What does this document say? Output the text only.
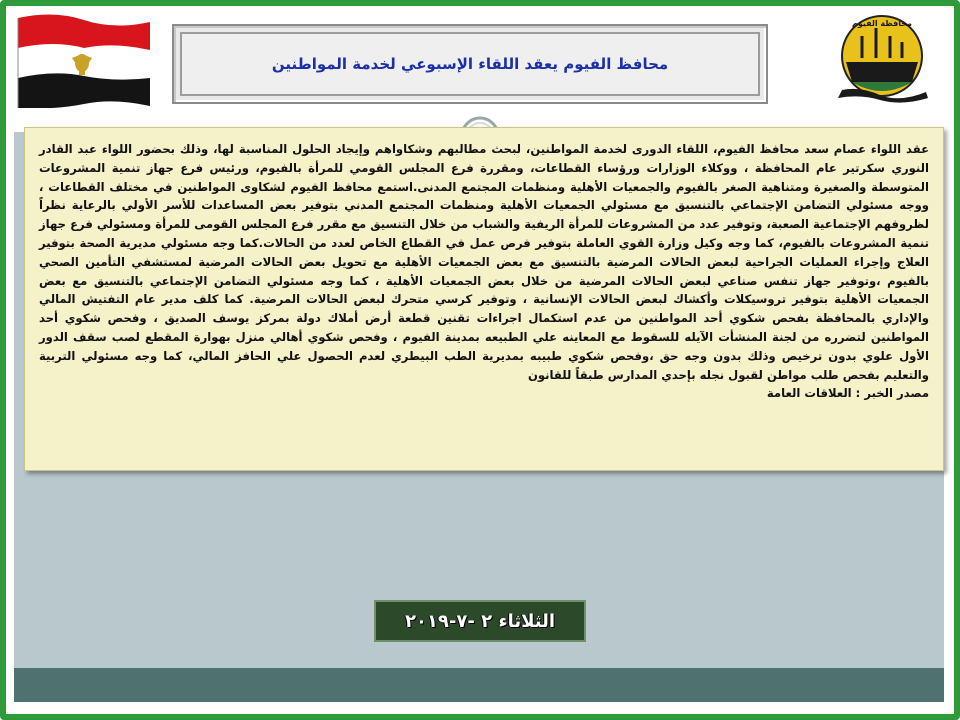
محافظ الفيوم يعقد اللقاء الإسبوعي لخدمة المواطنين
محافظة الفيوم
عقد اللواء عصام سعد محافظ الفيوم، اللقاء الدورى لخدمة المواطنين، لبحث مطالبهم وشكاواهم وإيجاد الحلول المناسبة لها، وذلك بحضور اللواء عبد القادر النوري سكرتير عام المحافظة ، ووكلاء الوزارات ورؤساء القطاعات، ومقررة فرع المجلس القومي للمرأة بالفيوم، ورئيس فرع جهاز تنمية المشروعات المتوسطة والصغيرة ومتناهية الصغر بالفيوم والجمعيات الأهلية ومنظمات المجتمع المدنى.استمع محافظ الفيوم لشكاوى المواطنين في مختلف القطاعات ، ووجه مسئولي التضامن الإجتماعي بالتنسيق مع مسئولي الجمعيات الأهلية ومنظمات المجتمع المدني بتوفير بعض المساعدات للأسر الأولي بالرعاية نظراً لظروفهم الإجتماعية الصعبة، وتوفير عدد من المشروعات للمرأة الريفية والشباب من خلال التنسيق مع مقرر فرع المجلس القومى للمرأة ومسئولي فرع جهاز تنمية المشروعات بالفيوم، كما وجه وكيل وزارة القوي العاملة بتوفير فرص عمل في القطاع الخاص لعدد من الحالات.كما وجه مسئولي مديرية الصحة بتوفير العلاج وإجراء العمليات الجراحية لبعض الحالات المرضية بالتنسيق مع بعض الجمعيات الأهلية مع تحويل بعض الحالات المرضية لمستشفي التأمين الصحي بالفيوم ،وتوفير جهاز تنفس صناعي لبعض الحالات المرضية من خلال بعض الجمعيات الأهلية ، كما وجه مسئولي التضامن الإجتماعي بالتنسيق مع بعض الجمعيات الأهلية بتوفير تروسيكلات وأكشاك لبعض الحالات الإنسانية ، وتوفير كرسي متحرك لبعض الحالات المرضية. كما كلف مدير عام التفتيش المالي والإداري بالمحافظة بفحص شكوي أحد المواطنين من عدم استكمال اجراءات تقنين قطعة أرض أملاك دولة بمركز يوسف الصديق ، وفحص شكوي أحد المواطنين لتضرره من لجنة المنشأت الآيله للسقوط مع المعاينه علي الطبيعه بمدينة الفيوم ، وفحص شكوي أهالي منزل بهوارة المقطع لصب سقف الدور الأول علوي بدون ترخيص وذلك بدون وجه حق ،وفحص شكوي طبيبه بمديرية الطب البيطري لعدم الحصول علي الحافز المالي، كما وجه مسئولي التربية والتعليم بفحص طلب مواطن لقبول نجله بإحدي المدارس طبقاً للقانون
مصدر الخبر : العلاقات العامة
الثلاثاء ٢ -٧-٢٠١٩
